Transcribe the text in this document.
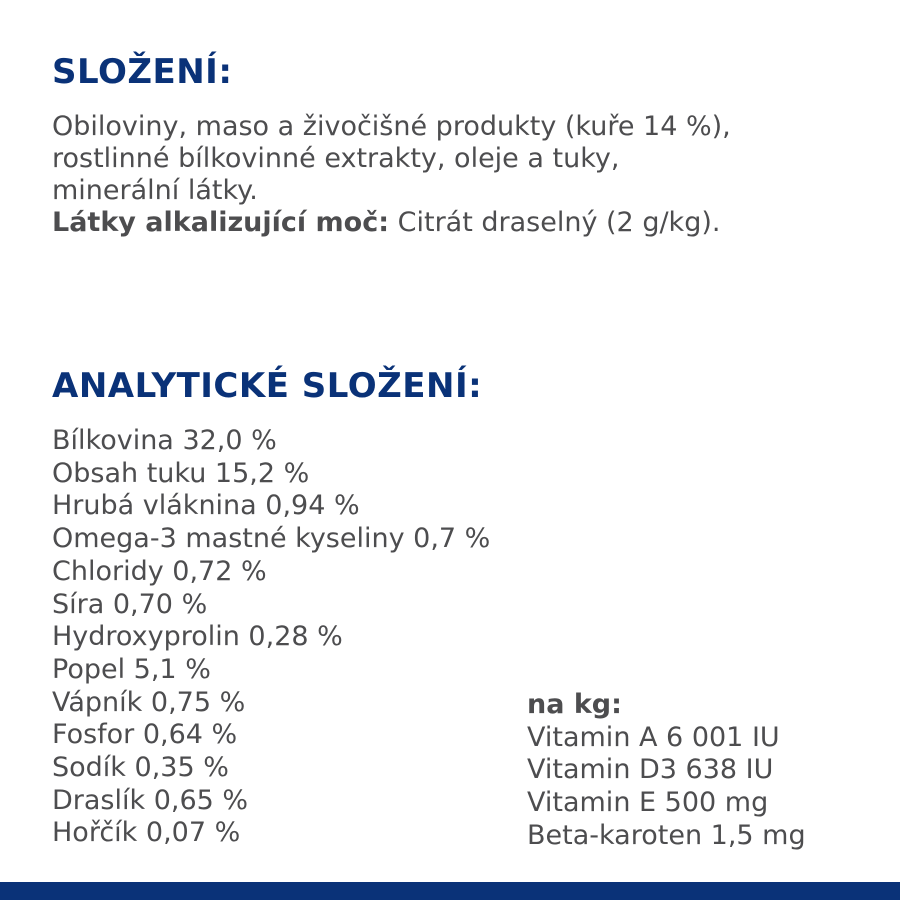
SLOŽENÍ:
Obiloviny, maso a živočišné produkty (kuře 14 %),
rostlinné bílkovinné extrakty, oleje a tuky,
minerální látky.
Látky alkalizující moč: Citrát draselný (2 g/kg).
ANALYTICKÉ SLOŽENÍ:
Bílkovina 32,0 %
Obsah tuku 15,2 %
Hrubá vláknina 0,94 %
Omega-3 mastné kyseliny 0,7 %
Chloridy 0,72 %
Síra 0,70 %
Hydroxyprolin 0,28 %
Popel 5,1 %
Vápník 0,75 %
Fosfor 0,64 %
Sodík 0,35 %
Draslík 0,65 %
Hořčík 0,07 %
na kg:
Vitamin A 6 001 IU
Vitamin D3 638 IU
Vitamin E 500 mg
Beta-karoten 1,5 mg
